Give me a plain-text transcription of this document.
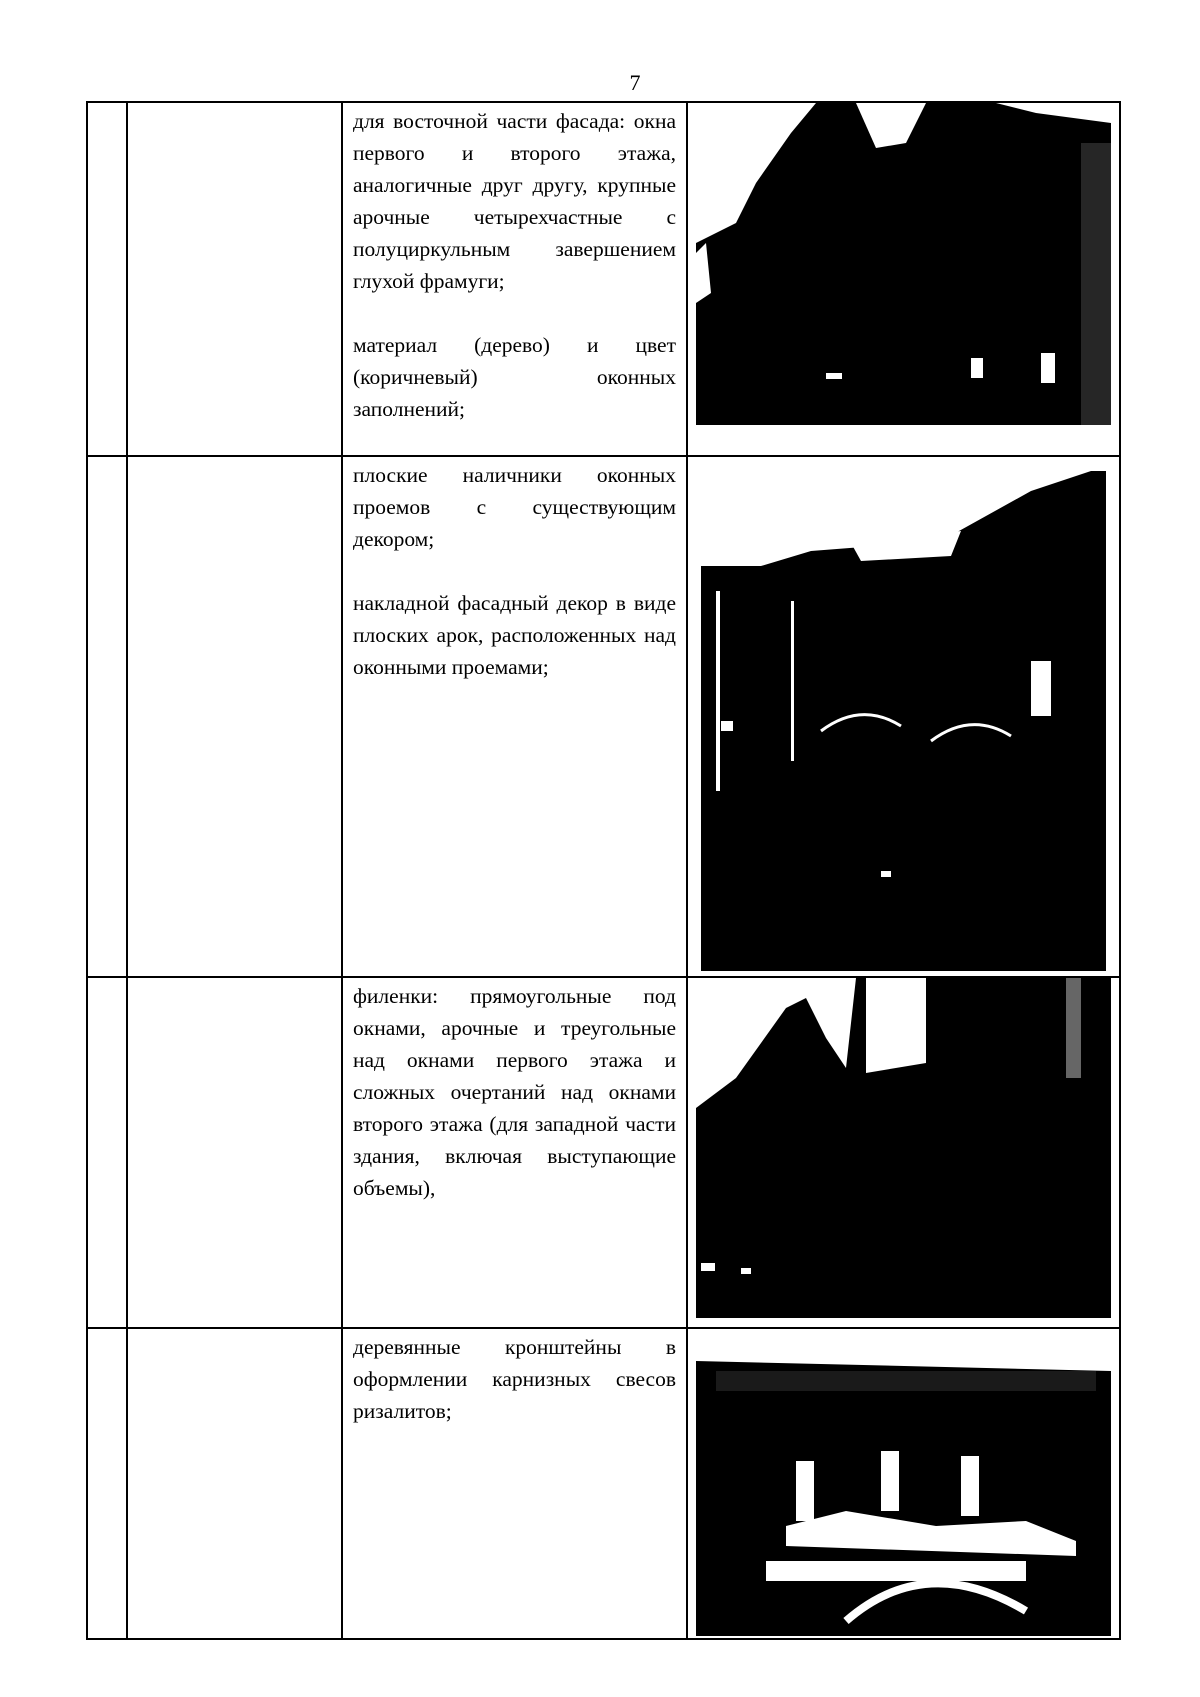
7

		для восточной части фасада: окна первого и второго этажа, аналогичные друг другу, крупные арочные четырехчастные с полуциркульным завершением глухой фрамуги;

материал (дерево) и цвет (коричневый) оконных заполнений;

		плоские наличники оконных проемов с существующим декором;

накладной фасадный декор в виде плоских арок, расположенных над оконными проемами;

		филенки: прямоугольные под окнами, арочные и треугольные над окнами первого этажа и сложных очертаний над окнами второго этажа (для западной части здания, включая выступающие объемы),

		деревянные кронштейны в оформлении карнизных свесов ризалитов;
